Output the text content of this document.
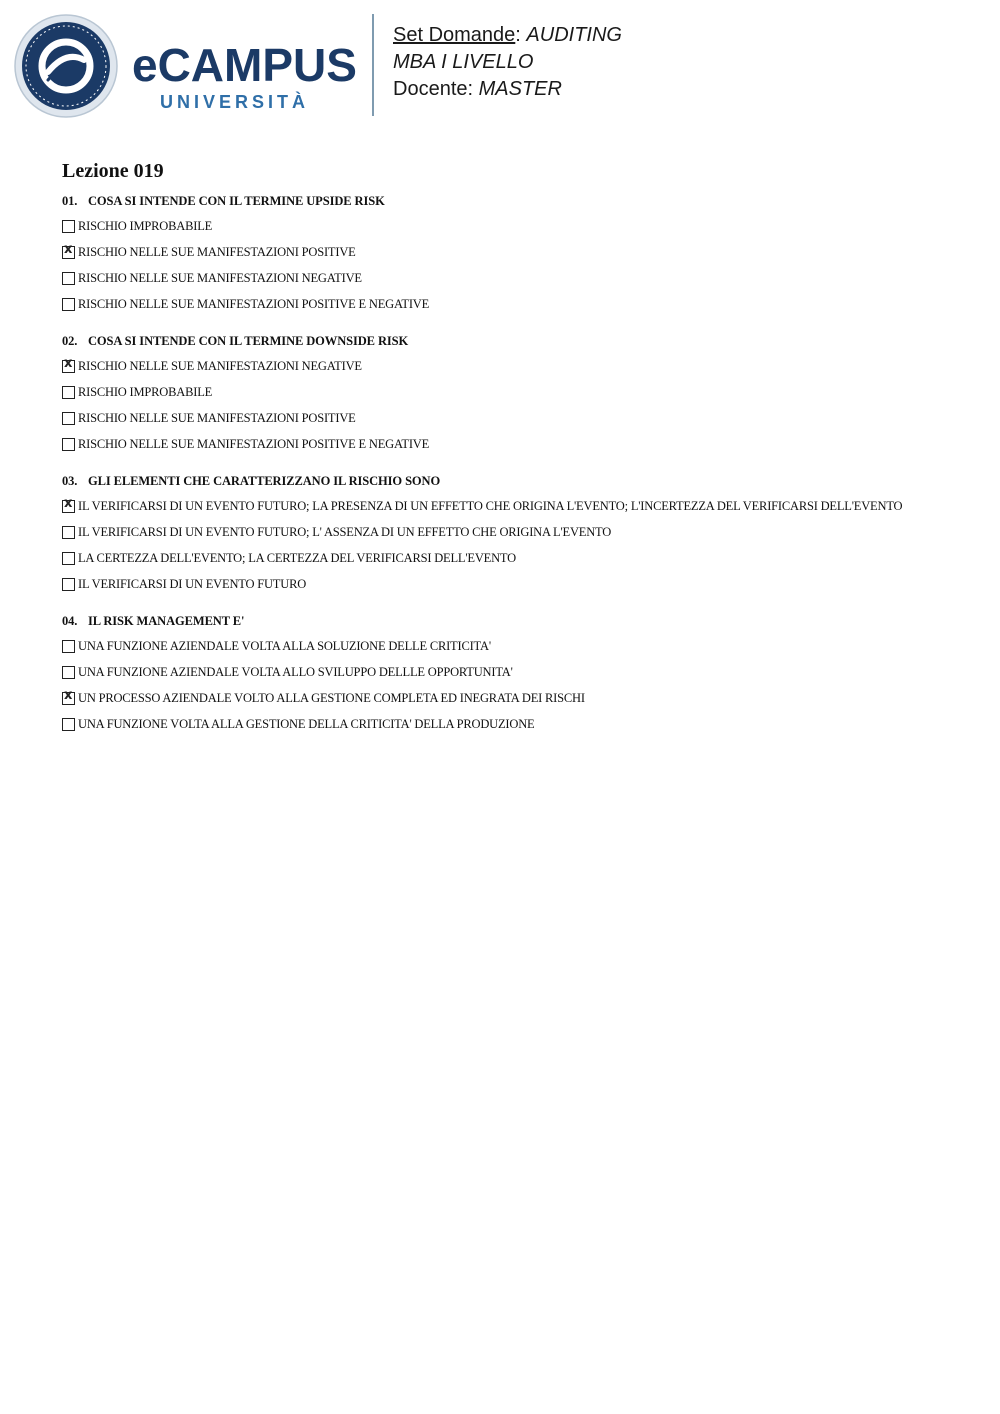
eCAMPUS
UNIVERSITÀ
Set Domande: AUDITING
MBA I LIVELLO
Docente: MASTER
Lezione 019
01. COSA SI INTENDE CON IL TERMINE UPSIDE RISK
RISCHIO IMPROBABILE
xRISCHIO NELLE SUE MANIFESTAZIONI POSITIVE
RISCHIO NELLE SUE MANIFESTAZIONI NEGATIVE
RISCHIO NELLE SUE MANIFESTAZIONI POSITIVE E NEGATIVE
02. COSA SI INTENDE CON IL TERMINE DOWNSIDE RISK
xRISCHIO NELLE SUE MANIFESTAZIONI NEGATIVE
RISCHIO IMPROBABILE
RISCHIO NELLE SUE MANIFESTAZIONI POSITIVE
RISCHIO NELLE SUE MANIFESTAZIONI POSITIVE E NEGATIVE
03. GLI ELEMENTI CHE CARATTERIZZANO IL RISCHIO SONO
xIL VERIFICARSI DI UN EVENTO FUTURO; LA PRESENZA DI UN EFFETTO CHE ORIGINA L'EVENTO; L'INCERTEZZA DEL VERIFICARSI DELL'EVENTO
IL VERIFICARSI DI UN EVENTO FUTURO; L' ASSENZA DI UN EFFETTO CHE ORIGINA L'EVENTO
LA CERTEZZA DELL'EVENTO; LA CERTEZZA DEL VERIFICARSI DELL'EVENTO
IL VERIFICARSI DI UN EVENTO FUTURO
04. IL RISK MANAGEMENT E'
UNA FUNZIONE AZIENDALE VOLTA ALLA SOLUZIONE DELLE CRITICITA'
UNA FUNZIONE AZIENDALE VOLTA ALLO SVILUPPO DELLLE OPPORTUNITA'
xUN PROCESSO AZIENDALE VOLTO ALLA GESTIONE COMPLETA ED INEGRATA DEI RISCHI
UNA FUNZIONE VOLTA ALLA GESTIONE DELLA CRITICITA' DELLA PRODUZIONE
